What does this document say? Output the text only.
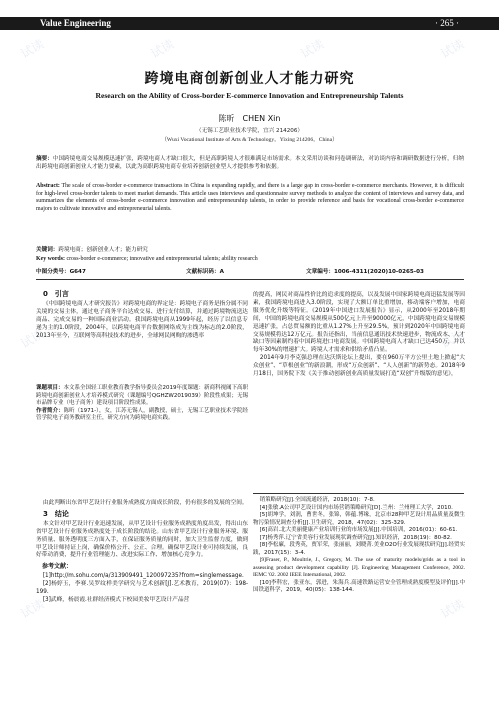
试读	试读	试读	试读
试读	试读
试读	试读
Value Engineering	· 265 ·
跨境电商创新创业人才能力研究
Research on the Ability of Cross-border E-commerce Innovation and Entrepreneurship Talents
陈昕　CHEN Xin
（无锡工艺职业技术学院，宜兴 214206）
（Wuxi Vocational Institute of Arts & Technology，Yixing 214206，China）
摘要：中国跨境电商交易规模迅速扩张，跨境电商人才缺口很大，但是高职跨境人才很难满足市场需求。本文采用访谈和问卷调研法，对访谈内容和调研数据进行分析，归纳出跨境电商创新创业人才能力要素，以此为高职跨境电商专业培养创新创业型人才提供参考和依据。
Abstract: The scale of cross-border e-commerce transactions in China is expanding rapidly, and there is a large gap in cross-border e-commerce merchants. However, it is difficult for high-level cross-border talents to meet market demands. This article uses interviews and questionnaire survey methods to analyze the content of interviews and survey data, and summarizes the elements of cross-border e-commerce innovation and entrepreneurship talents, in order to provide reference and basis for vocational cross-border e-commerce majors to cultivate innovative and entrepreneurial talents.
关键词：跨境电商；创新创业人才；能力研究
Key words: cross-border e-commerce; innovative and entrepreneurial talents; ability research
中图分类号：G647	文献标识码：A	文章编号：1006-4311(2020)10-0265-03
0　引言

《中国跨境电商人才研究报告》对跨境电商的界定是：跨境电子商务是指分属不同关境的交易主体，通过电子商务平台达成交易、进行支付结算，并通过跨境物流送达商品、完成交易的一种国际商业活动。我国跨境电商从1999年起，经历了以信息专递为主的1.0阶段，2004年，以跨境电商平台数据网络成为主线为标志的2.0阶段，2013年至今，互联网等高科技技术的进步，全球网民网购的渗透率

课题项目：本文系全国轻工职业教育教学指导委员会2019年度课题：新商科视阈下高职跨境电商创新创业人才培养模式研究（课题编号QGHZW2019039）阶段性成果；无锡市品牌专业（电子商务）建设项目阶段性成果。

作者简介：陈昕（1971-），女，江苏无锡人，副教授，硕士，无锡工艺职业技术学院经管学院电子商务教研室主任，研究方向为跨境电商实践。

由此判断出东省甲艺设计行业服务成熟度方面成长阶段，仍有很多的发展的空间。

3　结论

本文针对甲艺设计行业迅速发展，从甲艺设计行业服务成熟度角度出发，得出山东省甲艺设计行业服务成熟度处于成长阶段的结论。山东省甲艺设计行业服务环境、服务质量、服务透明度三方面入手，在保证服务质量的同时，加大卫生监督力度，做到甲艺设计师持证上岗，确保价格公开、公正、合理。确保甲艺设计业可持续发展，良好带动消费，提升行业管理能力、改进实际工作、增加核心竞争力。

参考文献：

[1]http://m.sohu.com/a/313909491_120097235?from=singlemessage.

[2]杨婷玉，李赛.吴罗纹样美学研究与艺术创新[J].艺术教育，2019(07)：198-199.

[3]武峰，杨晨霞.社群经济模式下校园美妆甲艺设计产品营

的提高，网民对商品性价比的追求度的提高，以及发展中国家跨境电商迅猛发展等因素，我国跨境电商进入3.0阶段，实现了大额订单比重增加，移动端客户增加，电商服务优化升级等特征。《2019年中国进口发展报告》显示，从2000年至2018年期间，中国的跨境电商交易规模从500亿元上升至90000亿元，中国跨境电商交易规模迅速扩张，占总贸易额的比重从1.27%上升至29.5%，预计到2020年中国跨境电商交易规模将达12万亿元。报告还指出，当前信息通讯技术快速进步，物流成本、人才缺口等因素制约着中国跨境进口电商发展。中国跨境电商人才缺口已达450万，并以每年30%的增速扩大。跨境人才需求和供给矛盾凸显。

2014年9月李克强总理在达沃斯论坛上提出，要在960万平方公里土地上掀起“大众创业”、“草根创业”的新浪潮，形成“万众创新”、“人人创新”的新势态。2018年9月18日，国务院下发《关于推动创新创业高质量发展打造“双创”升级版的意见》，

销策略研究[J].全国流通经济，2018(10)：7-8.

[4]张敏.A公司甲艺设计国内市场营销策略研究[D].兰州：兰州理工大学，2010.

[5]胡坤学，刘润，曹世冬，张锦，韩蕴.博缘，北京市28种甲艺设计用品质量及微生物污染情况调查分析[J].卫生研究，2018，47(02)：325-329.

[6]高岩.北大美丽健康产业培训行业的市场发展[J].中国培训，2016(01)：60-61.

[7]杨秀萍.辽宁省美容行业发展现状调查研究[J].知识经济，2018(19)：80-82.

[8]李松廉，段秀英，贾军荣，张丽丽，刘晓菁.美业O2O行业发展现状研究[J].经贸实践，2017(15)：3-4.

[9]Fraser, P., Moultrie, J., Gregory, M. The use of maturity models/grids as a tool in assessing product development capability [J]. Engineering Management Conference, 2002. IEMC '02. 2002 IEEE International, 2002.

[10]李科宏，张亚东，郭进，朱海兵.高速铁路运营安全管理成熟度模型及评价[J].中国铁道科学，2019，40(05)：138-144.
